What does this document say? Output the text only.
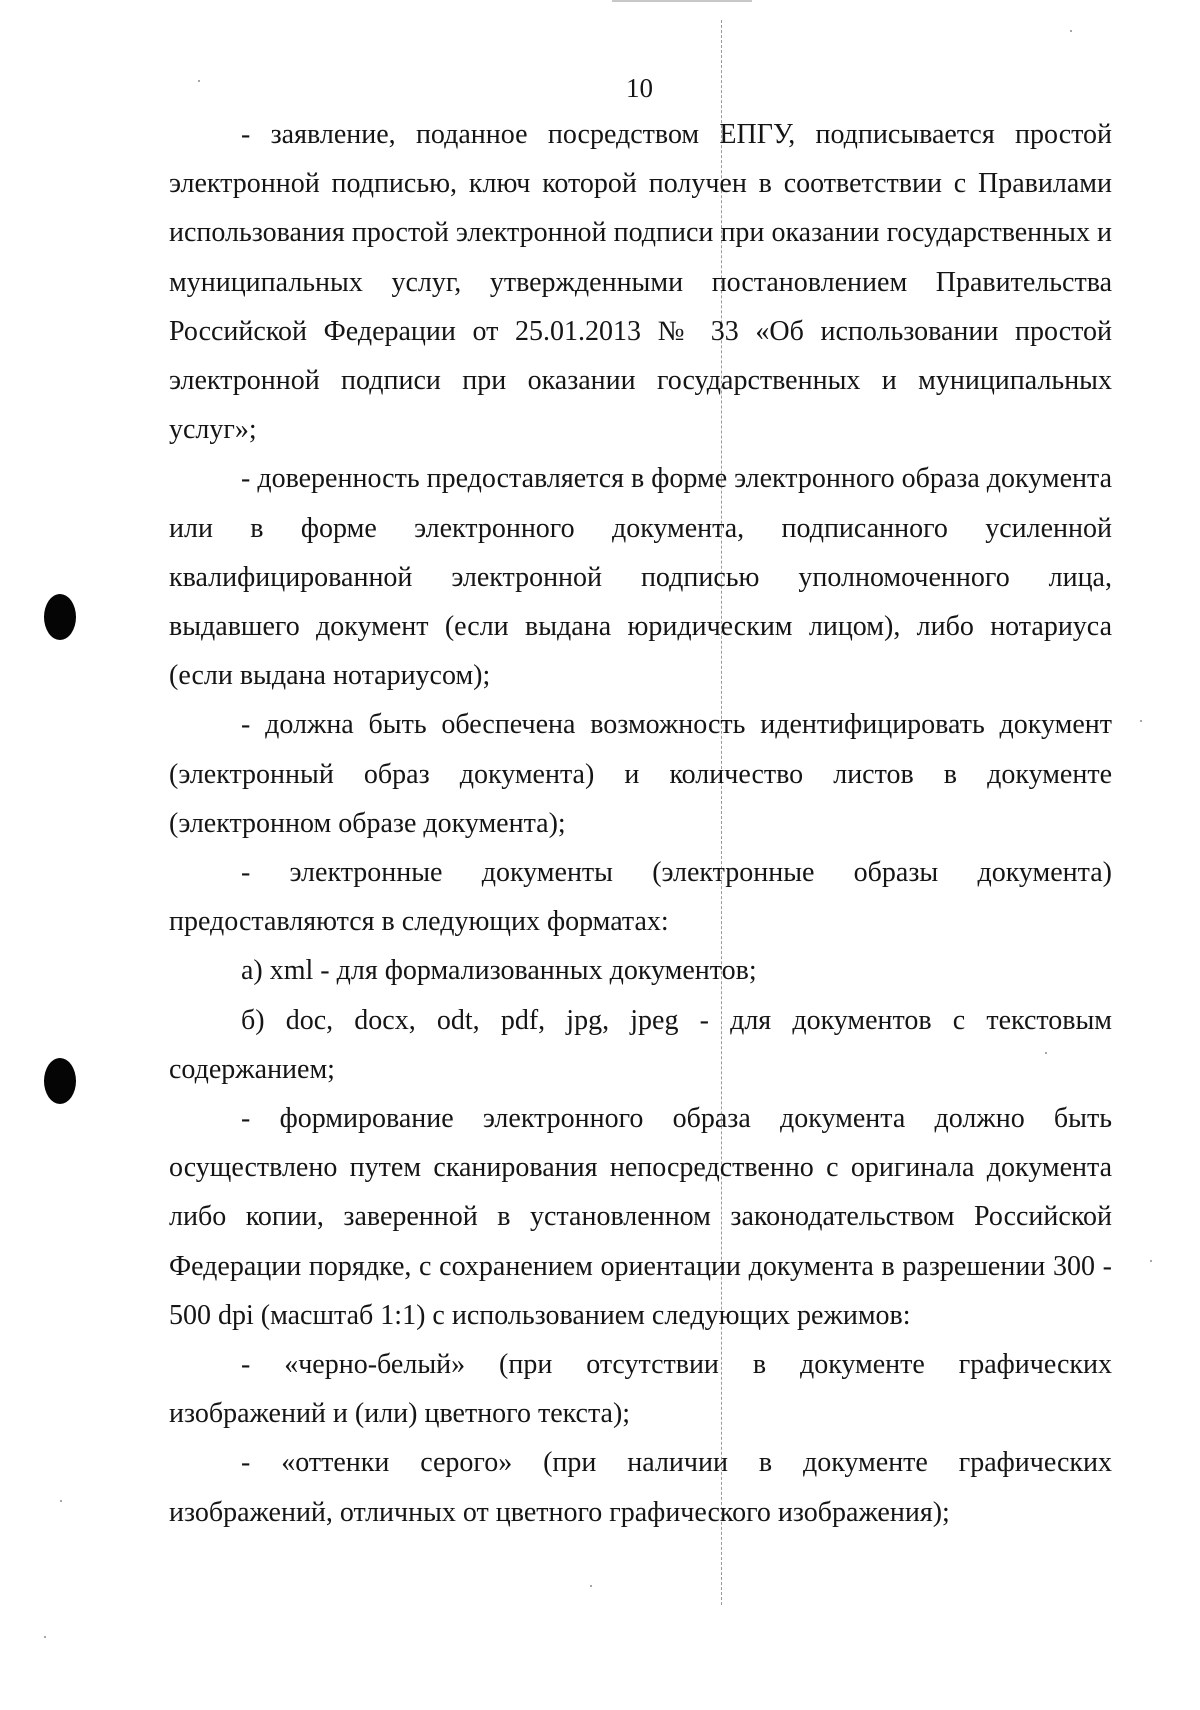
10

- заявление, поданное посредством ЕПГУ, подписывается простой электронной подписью, ключ которой получен в соответствии с Правилами использования простой электронной подписи при оказании государственных и муниципальных услуг, утвержденными постановлением Правительства Российской Федерации от 25.01.2013 № 33 «Об использовании простой электронной подписи при оказании государственных и муниципальных услуг»;

- доверенность предоставляется в форме электронного образа документа или в форме электронного документа, подписанного усиленной квалифицированной электронной подписью уполномоченного лица, выдавшего документ (если выдана юридическим лицом), либо нотариуса (если выдана нотариусом);

- должна быть обеспечена возможность идентифицировать документ (электронный образ документа) и количество листов в документе (электронном образе документа);

- электронные документы (электронные образы документа) предоставляются в следующих форматах:

а) xml - для формализованных документов;

б) doc, docx, odt, pdf, jpg, jpeg - для документов с текстовым содержанием;

- формирование электронного образа документа должно быть осуществлено путем сканирования непосредственно с оригинала документа либо копии, заверенной в установленном законодательством Российской Федерации порядке, с сохранением ориентации документа в разрешении 300 - 500 dpi (масштаб 1:1) с использованием следующих режимов:

- «черно-белый» (при отсутствии в документе графических изображений и (или) цветного текста);

- «оттенки серого» (при наличии в документе графических изображений, отличных от цветного графического изображения);
